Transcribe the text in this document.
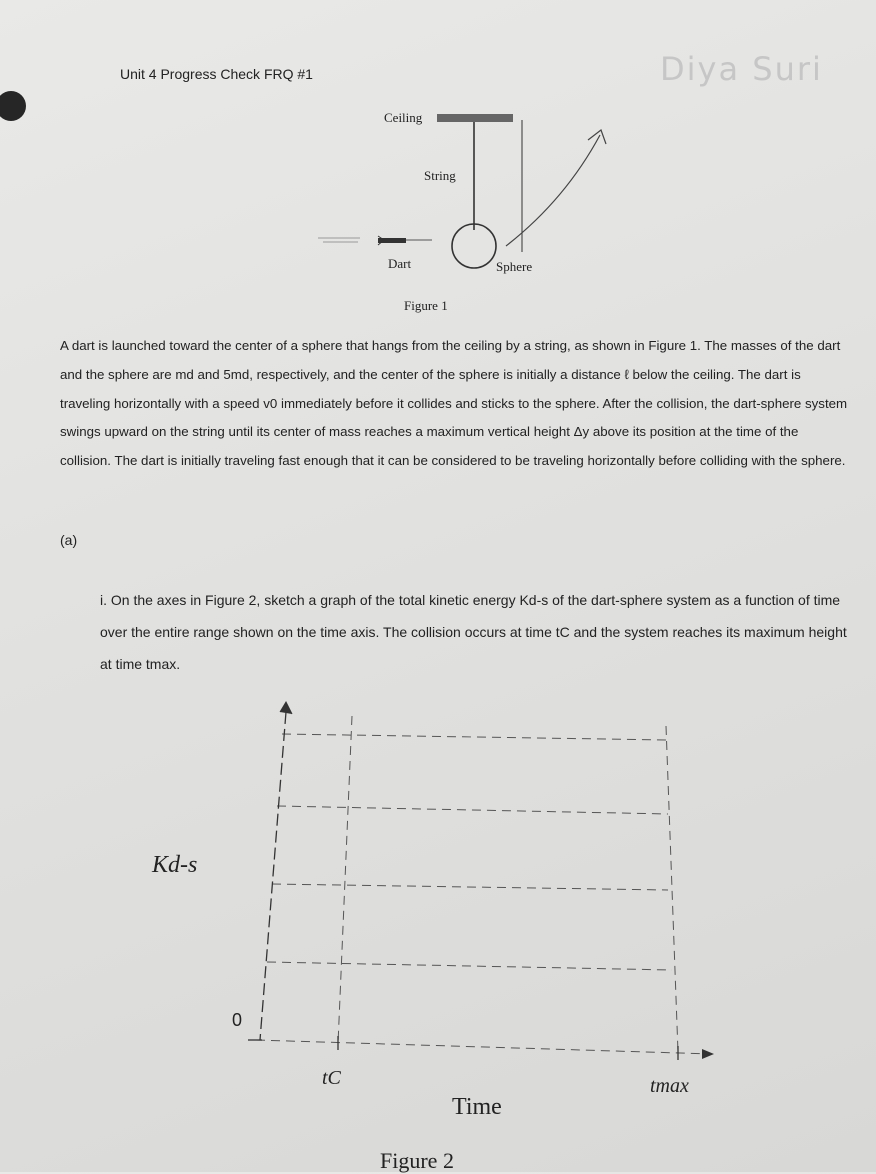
Unit 4 Progress Check FRQ #1	Diya Suri
Ceiling
String
Dart	Sphere
Figure 1
A dart is launched toward the center of a sphere that hangs from the ceiling by a string, as shown in Figure 1. The masses of the dart and the sphere are md and 5md, respectively, and the center of the sphere is initially a distance ℓ below the ceiling. The dart is traveling horizontally with a speed v0 immediately before it collides and sticks to the sphere. After the collision, the dart-sphere system swings upward on the string until its center of mass reaches a maximum vertical height Δy above its position at the time of the collision. The dart is initially traveling fast enough that it can be considered to be traveling horizontally before colliding with the sphere.
(a)
i. On the axes in Figure 2, sketch a graph of the total kinetic energy Kd-s of the dart-sphere system as a function of time over the entire range shown on the time axis. The collision occurs at time tC and the system reaches its maximum height at time tmax.
Kd-s
0
tC	tmax
Time
Figure 2
